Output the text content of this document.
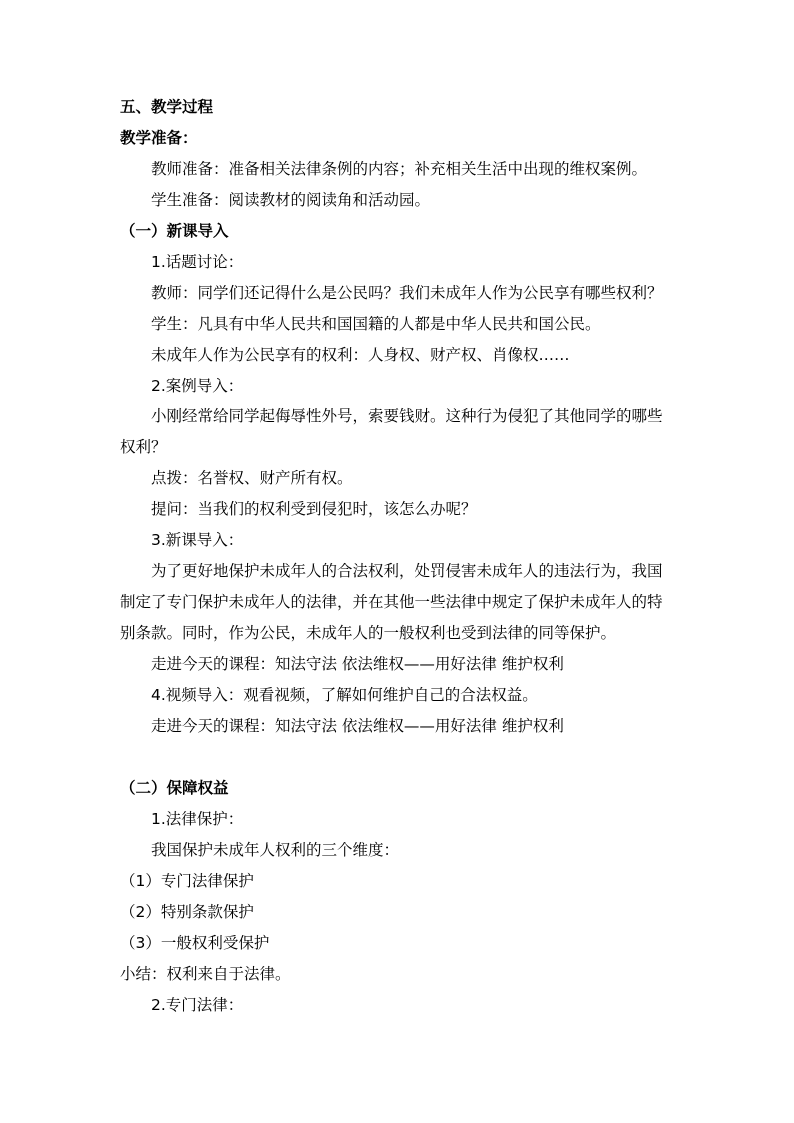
五、教学过程
教学准备：
教师准备：准备相关法律条例的内容；补充相关生活中出现的维权案例。
学生准备：阅读教材的阅读角和活动园。
（一）新课导入
1.话题讨论：
教师：同学们还记得什么是公民吗？我们未成年人作为公民享有哪些权利？
学生：凡具有中华人民共和国国籍的人都是中华人民共和国公民。
未成年人作为公民享有的权利：人身权、财产权、肖像权……
2.案例导入：
小刚经常给同学起侮辱性外号，索要钱财。这种行为侵犯了其他同学的哪些
权利？
点拨：名誉权、财产所有权。
提问：当我们的权利受到侵犯时，该怎么办呢？
3.新课导入：
为了更好地保护未成年人的合法权利，处罚侵害未成年人的违法行为，我国
制定了专门保护未成年人的法律，并在其他一些法律中规定了保护未成年人的特
别条款。同时，作为公民，未成年人的一般权利也受到法律的同等保护。
走进今天的课程：知法守法 依法维权——用好法律 维护权利
4.视频导入：观看视频，了解如何维护自己的合法权益。
走进今天的课程：知法守法 依法维权——用好法律 维护权利
（二）保障权益
1.法律保护：
我国保护未成年人权利的三个维度：
（1）专门法律保护
（2）特别条款保护
（3）一般权利受保护
小结：权利来自于法律。
2.专门法律：
